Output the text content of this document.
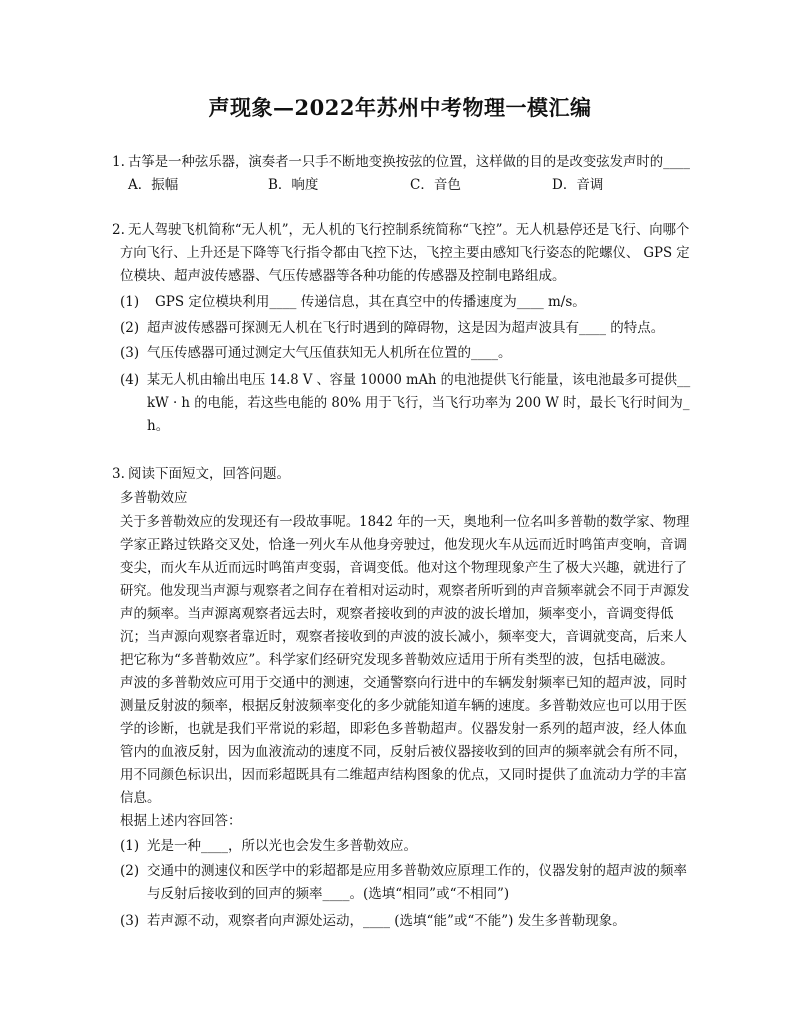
声现象—2022年苏州中考物理一模汇编
1. 古筝是一种弦乐器，演奏者一只手不断地变换按弦的位置，这样做的目的是改变弦发声时的____
A．振幅	B．响度	C．音色	D．音调
2. 无人驾驶飞机简称“无人机”，无人机的飞行控制系统简称“飞控”。无人机悬停还是飞行、向哪个
方向飞行、上升还是下降等飞行指令都由飞控下达，飞控主要由感知飞行姿态的陀螺仪、 GPS 定
位模块、超声波传感器、气压传感器等各种功能的传感器及控制电路组成。
(1) GPS 定位模块利用____ 传递信息，其在真空中的传播速度为____ m/s。
(2) 超声波传感器可探测无人机在飞行时遇到的障碍物，这是因为超声波具有____ 的特点。
(3) 气压传感器可通过测定大气压值获知无人机所在位置的____。
(4) 某无人机由输出电压 14.8 V 、容量 10000 mAh 的电池提供飞行能量，该电池最多可提供__
kW · h 的电能，若这些电能的 80% 用于飞行，当飞行功率为 200 W 时，最长飞行时间为_
h。
3. 阅读下面短文，回答问题。
多普勒效应
关于多普勒效应的发现还有一段故事呢。1842 年的一天，奥地利一位名叫多普勒的数学家、物理
学家正路过铁路交叉处，恰逢一列火车从他身旁驶过，他发现火车从远而近时鸣笛声变响，音调
变尖，而火车从近而远时鸣笛声变弱，音调变低。他对这个物理现象产生了极大兴趣，就进行了
研究。他发现当声源与观察者之间存在着相对运动时，观察者所听到的声音频率就会不同于声源发
声的频率。当声源离观察者远去时，观察者接收到的声波的波长增加，频率变小，音调变得低
沉；当声源向观察者靠近时，观察者接收到的声波的波长减小，频率变大，音调就变高，后来人
把它称为“多普勒效应”。科学家们经研究发现多普勒效应适用于所有类型的波，包括电磁波。
声波的多普勒效应可用于交通中的测速，交通警察向行进中的车辆发射频率已知的超声波，同时
测量反射波的频率，根据反射波频率变化的多少就能知道车辆的速度。多普勒效应也可以用于医
学的诊断，也就是我们平常说的彩超，即彩色多普勒超声。仪器发射一系列的超声波，经人体血
管内的血液反射，因为血液流动的速度不同，反射后被仪器接收到的回声的频率就会有所不同，
用不同颜色标识出，因而彩超既具有二维超声结构图象的优点，又同时提供了血流动力学的丰富
信息。
根据上述内容回答：
(1) 光是一种____，所以光也会发生多普勒效应。
(2) 交通中的测速仪和医学中的彩超都是应用多普勒效应原理工作的，仪器发射的超声波的频率
与反射后接收到的回声的频率____。(选填“相同”或“不相同”)
(3) 若声源不动，观察者向声源处运动，____ (选填“能”或“不能”) 发生多普勒现象。
